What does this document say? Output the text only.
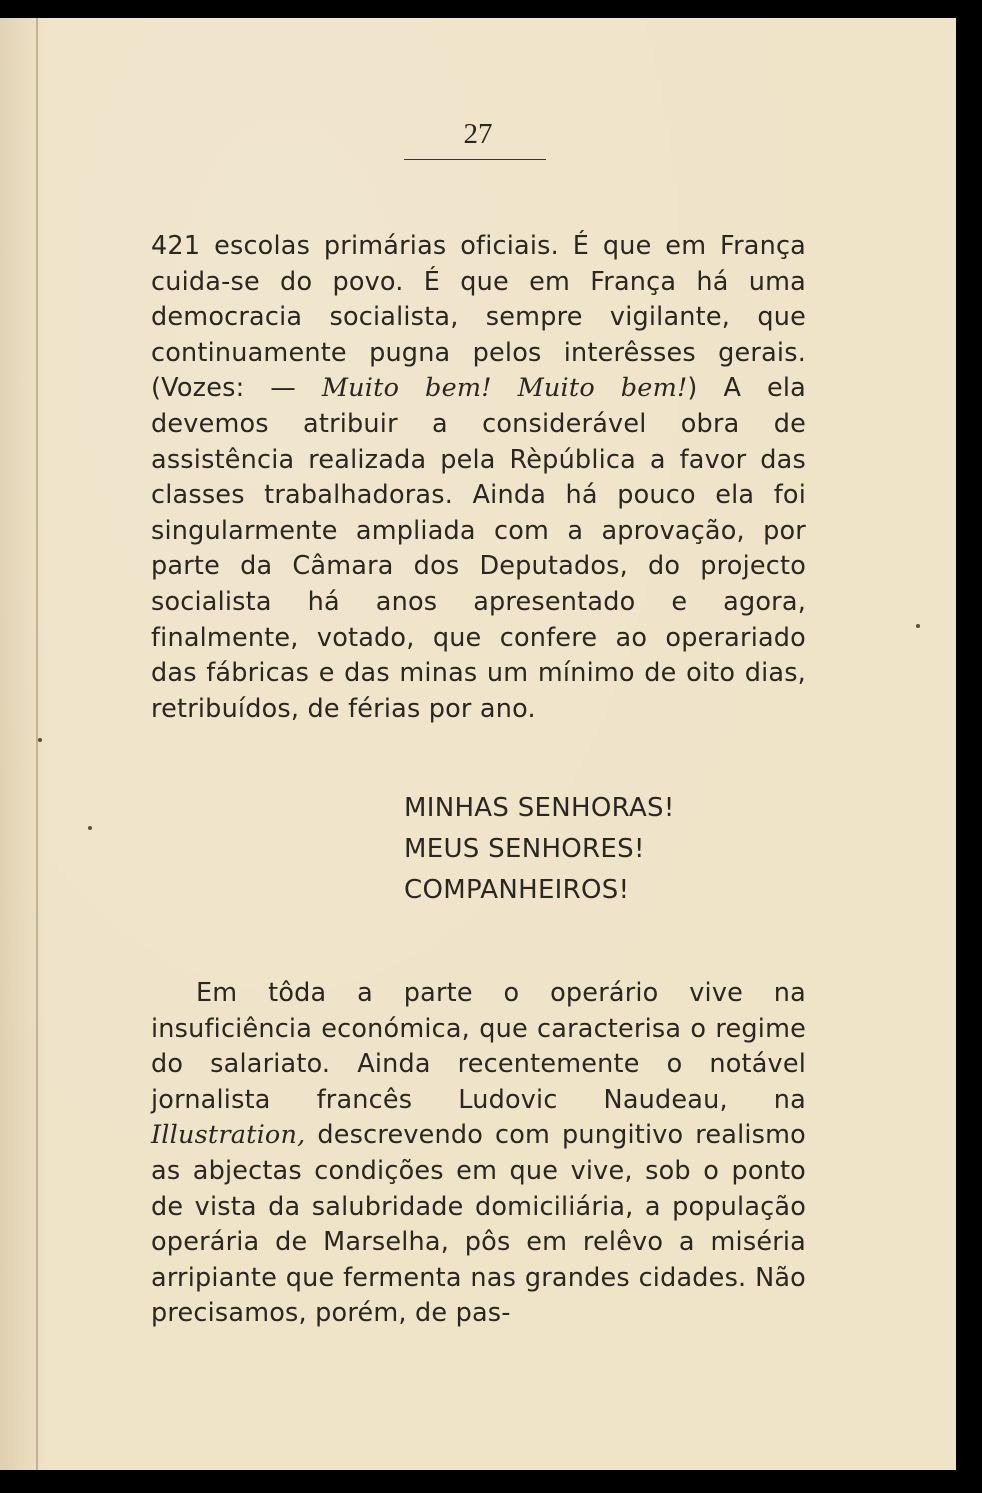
27

421 escolas primárias oficiais. É que em França cuida-se do povo. É que em França há uma democracia socialista, sempre vigilante, que continuamente pugna pelos interêsses gerais. (Vozes: — Muito bem! Muito bem!) A ela devemos atribuir a considerável obra de assistência realizada pela Rèpública a favor das classes trabalhadoras. Ainda há pouco ela foi singularmente ampliada com a aprovação, por parte da Câmara dos Deputados, do projecto socialista há anos apresentado e agora, finalmente, votado, que confere ao operariado das fábricas e das minas um mínimo de oito dias, retribuídos, de férias por ano.

MINHAS SENHORAS!
MEUS SENHORES!
COMPANHEIROS!

Em tôda a parte o operário vive na insuficiência económica, que caracterisa o regime do salariato. Ainda recentemente o notável jornalista francês Ludovic Naudeau, na Illustration, descrevendo com pungitivo realismo as abjectas condições em que vive, sob o ponto de vista da salubridade domiciliária, a população operária de Marselha, pôs em relêvo a miséria arripiante que fermenta nas grandes cidades. Não precisamos, porém, de pas-
